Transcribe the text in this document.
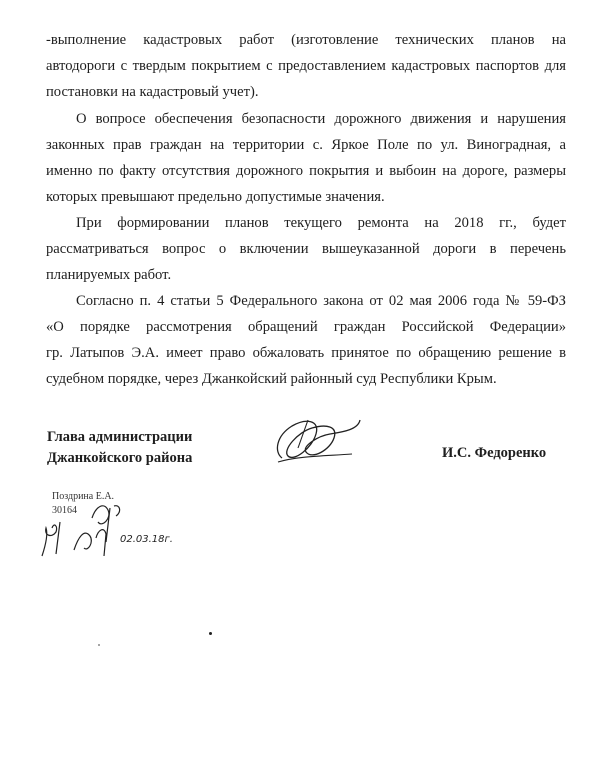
-выполнение кадастровых работ (изготовление технических планов на
автодороги с твердым покрытием с предоставлением кадастровых паспортов для
постановки на кадастровый учет).
О вопросе обеспечения безопасности дорожного движения и нарушения
законных прав граждан на территории с. Яркое Поле по ул. Виноградная, а
именно по факту отсутствия дорожного покрытия и выбоин на дороге, размеры
которых превышают предельно допустимые значения.
При формировании планов текущего ремонта на 2018 гг., будет
рассматриваться вопрос о включении вышеуказанной дороги в перечень
планируемых работ.
Согласно п. 4 статьи 5 Федерального закона от 02 мая 2006 года № 59-ФЗ
«О порядке рассмотрения обращений граждан Российской Федерации»
гр. Латыпов Э.А. имеет право обжаловать принятое по обращению решение в
судебном порядке, через Джанкойский районный суд Республики Крым.
Глава администрации
Джанкойского района	И.С. Федоренко
Поздрина Е.А.
30164
02.03.18г.
